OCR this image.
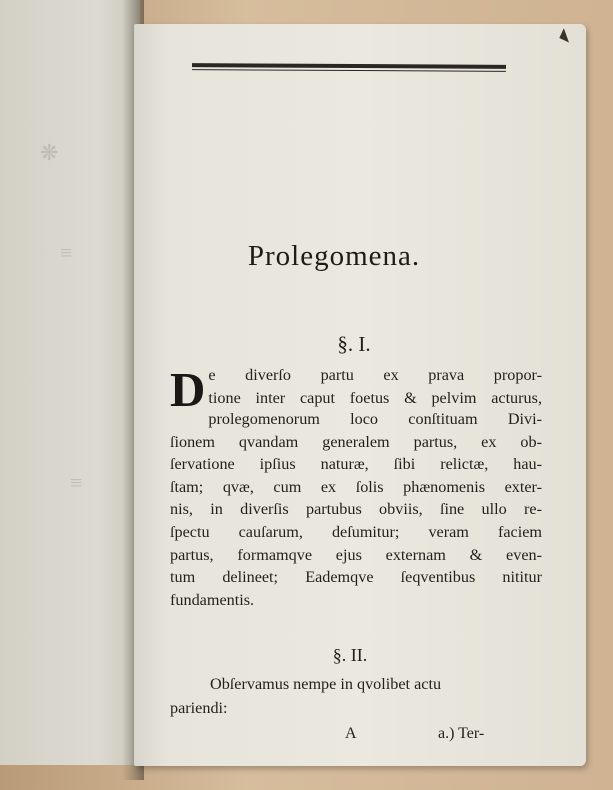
❋
≡
≡
◣
Prolegomena.
§. I.
D e diverſo partu ex prava propor-
tione inter caput foetus & pelvim acturus,
prolegomenorum loco conſtituam Divi-
ſionem qvandam generalem partus, ex ob-
ſervatione ipſius naturæ, ſibi relictæ, hau-
ſtam; qvæ, cum ex ſolis phænomenis exter-
nis, in diverſis partubus obviis, ſine ullo re-
ſpectu cauſarum, deſumitur; veram faciem
partus, formamqve ejus externam & even-
tum delineet; Eademqve ſeqventibus nititur
fundamentis.
§. II.
Obſervamus nempe in qvolibet actu
pariendi:
A	a.) Ter-
